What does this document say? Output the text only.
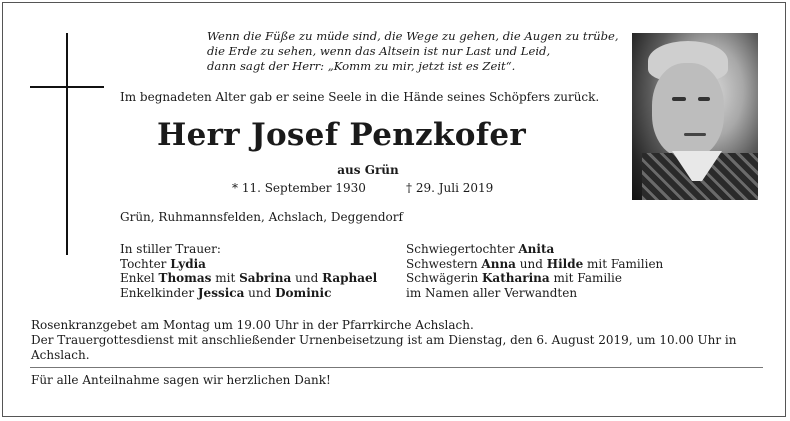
Wenn die Füße zu müde sind, die Wege zu gehen, die Augen zu trübe,
die Erde zu sehen, wenn das Altsein ist nur Last und Leid,
dann sagt der Herr: „Komm zu mir, jetzt ist es Zeit“.
Im begnadeten Alter gab er seine Seele in die Hände seines Schöpfers zurück.
Herr Josef Penzkofer
aus Grün
* 11. September 1930	† 29. Juli 2019
Grün, Ruhmannsfelden, Achslach, Deggendorf
In stiller Trauer:
Tochter Lydia
Enkel Thomas mit Sabrina und Raphael
Enkelkinder Jessica und Dominic
Schwiegertochter Anita
Schwestern Anna und Hilde mit Familien
Schwägerin Katharina mit Familie
im Namen aller Verwandten
Rosenkranzgebet am Montag um 19.00 Uhr in der Pfarrkirche Achslach.
Der Trauergottesdienst mit anschließender Urnenbeisetzung ist am Dienstag, den 6. August 2019, um 10.00 Uhr in Achslach.
Für alle Anteilnahme sagen wir herzlichen Dank!
